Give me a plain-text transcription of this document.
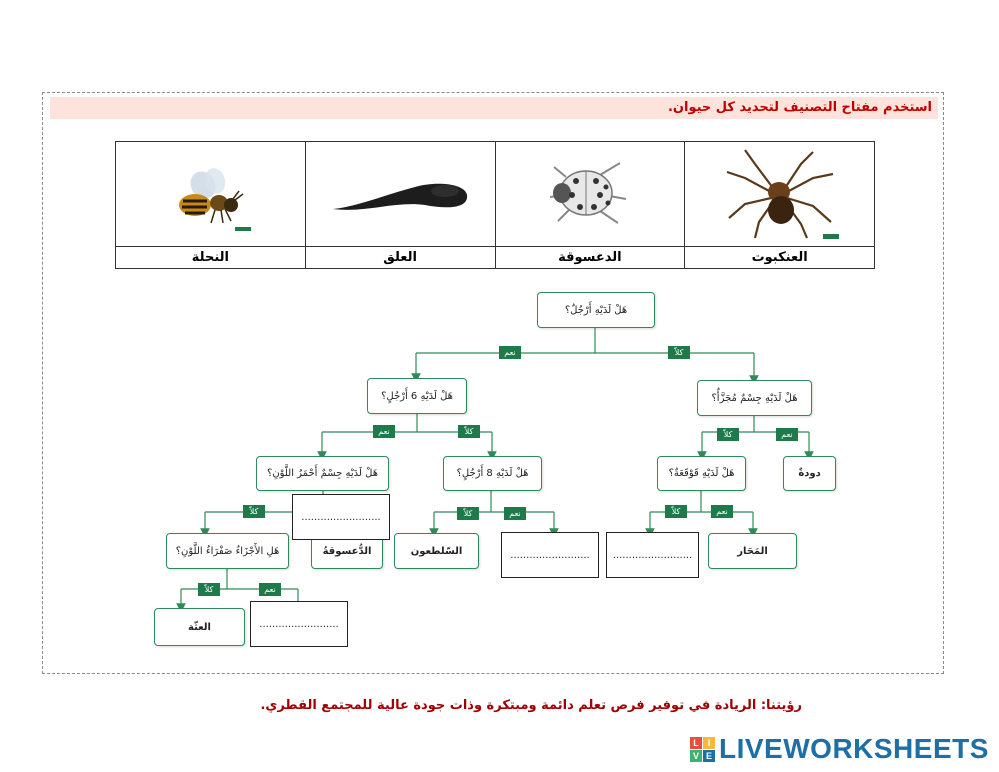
استخدم مفتاح التصنيف لتحديد كل حيوان.

النحلة	العلق	الدعسوقة	العنكبوت
نعم	كلاّ
نعم	كلاّ	كلاّ	نعم
كلاّ	كلاّ	نعم	كلاّ	نعم
كلاّ	نعم
هَلْ لَدَيْهِ أَرْجُلٌ؟
هَلْ لَدَيْهِ جِسْمٌ مُجَزَّأٌ؟
هَلْ لَدَيْهِ 6 أَرْجُلٍ؟
هَلْ لَدَيْهِ جِسْمٌ أَحْمَرُ اللَّوْنِ؟	هَلْ لَدَيْهِ 8 أَرْجُلٍ؟	هَلْ لَدَيْهِ قَوْقَعَةٌ؟	دودةٌ
هَلِ الأَجْزَاءُ صَفْرَاءُ اللَّوْنِ؟	الدُّعسوقةُ	السّلطعون	المَحَار
العثّة
.........................
.........................	.........................
.........................
رؤيتنا: الريادة في توفير فرص تعلم دائمة ومبتكرة وذات جودة عالية للمجتمع القطري.
L I
V E LIVEWORKSHEETS
